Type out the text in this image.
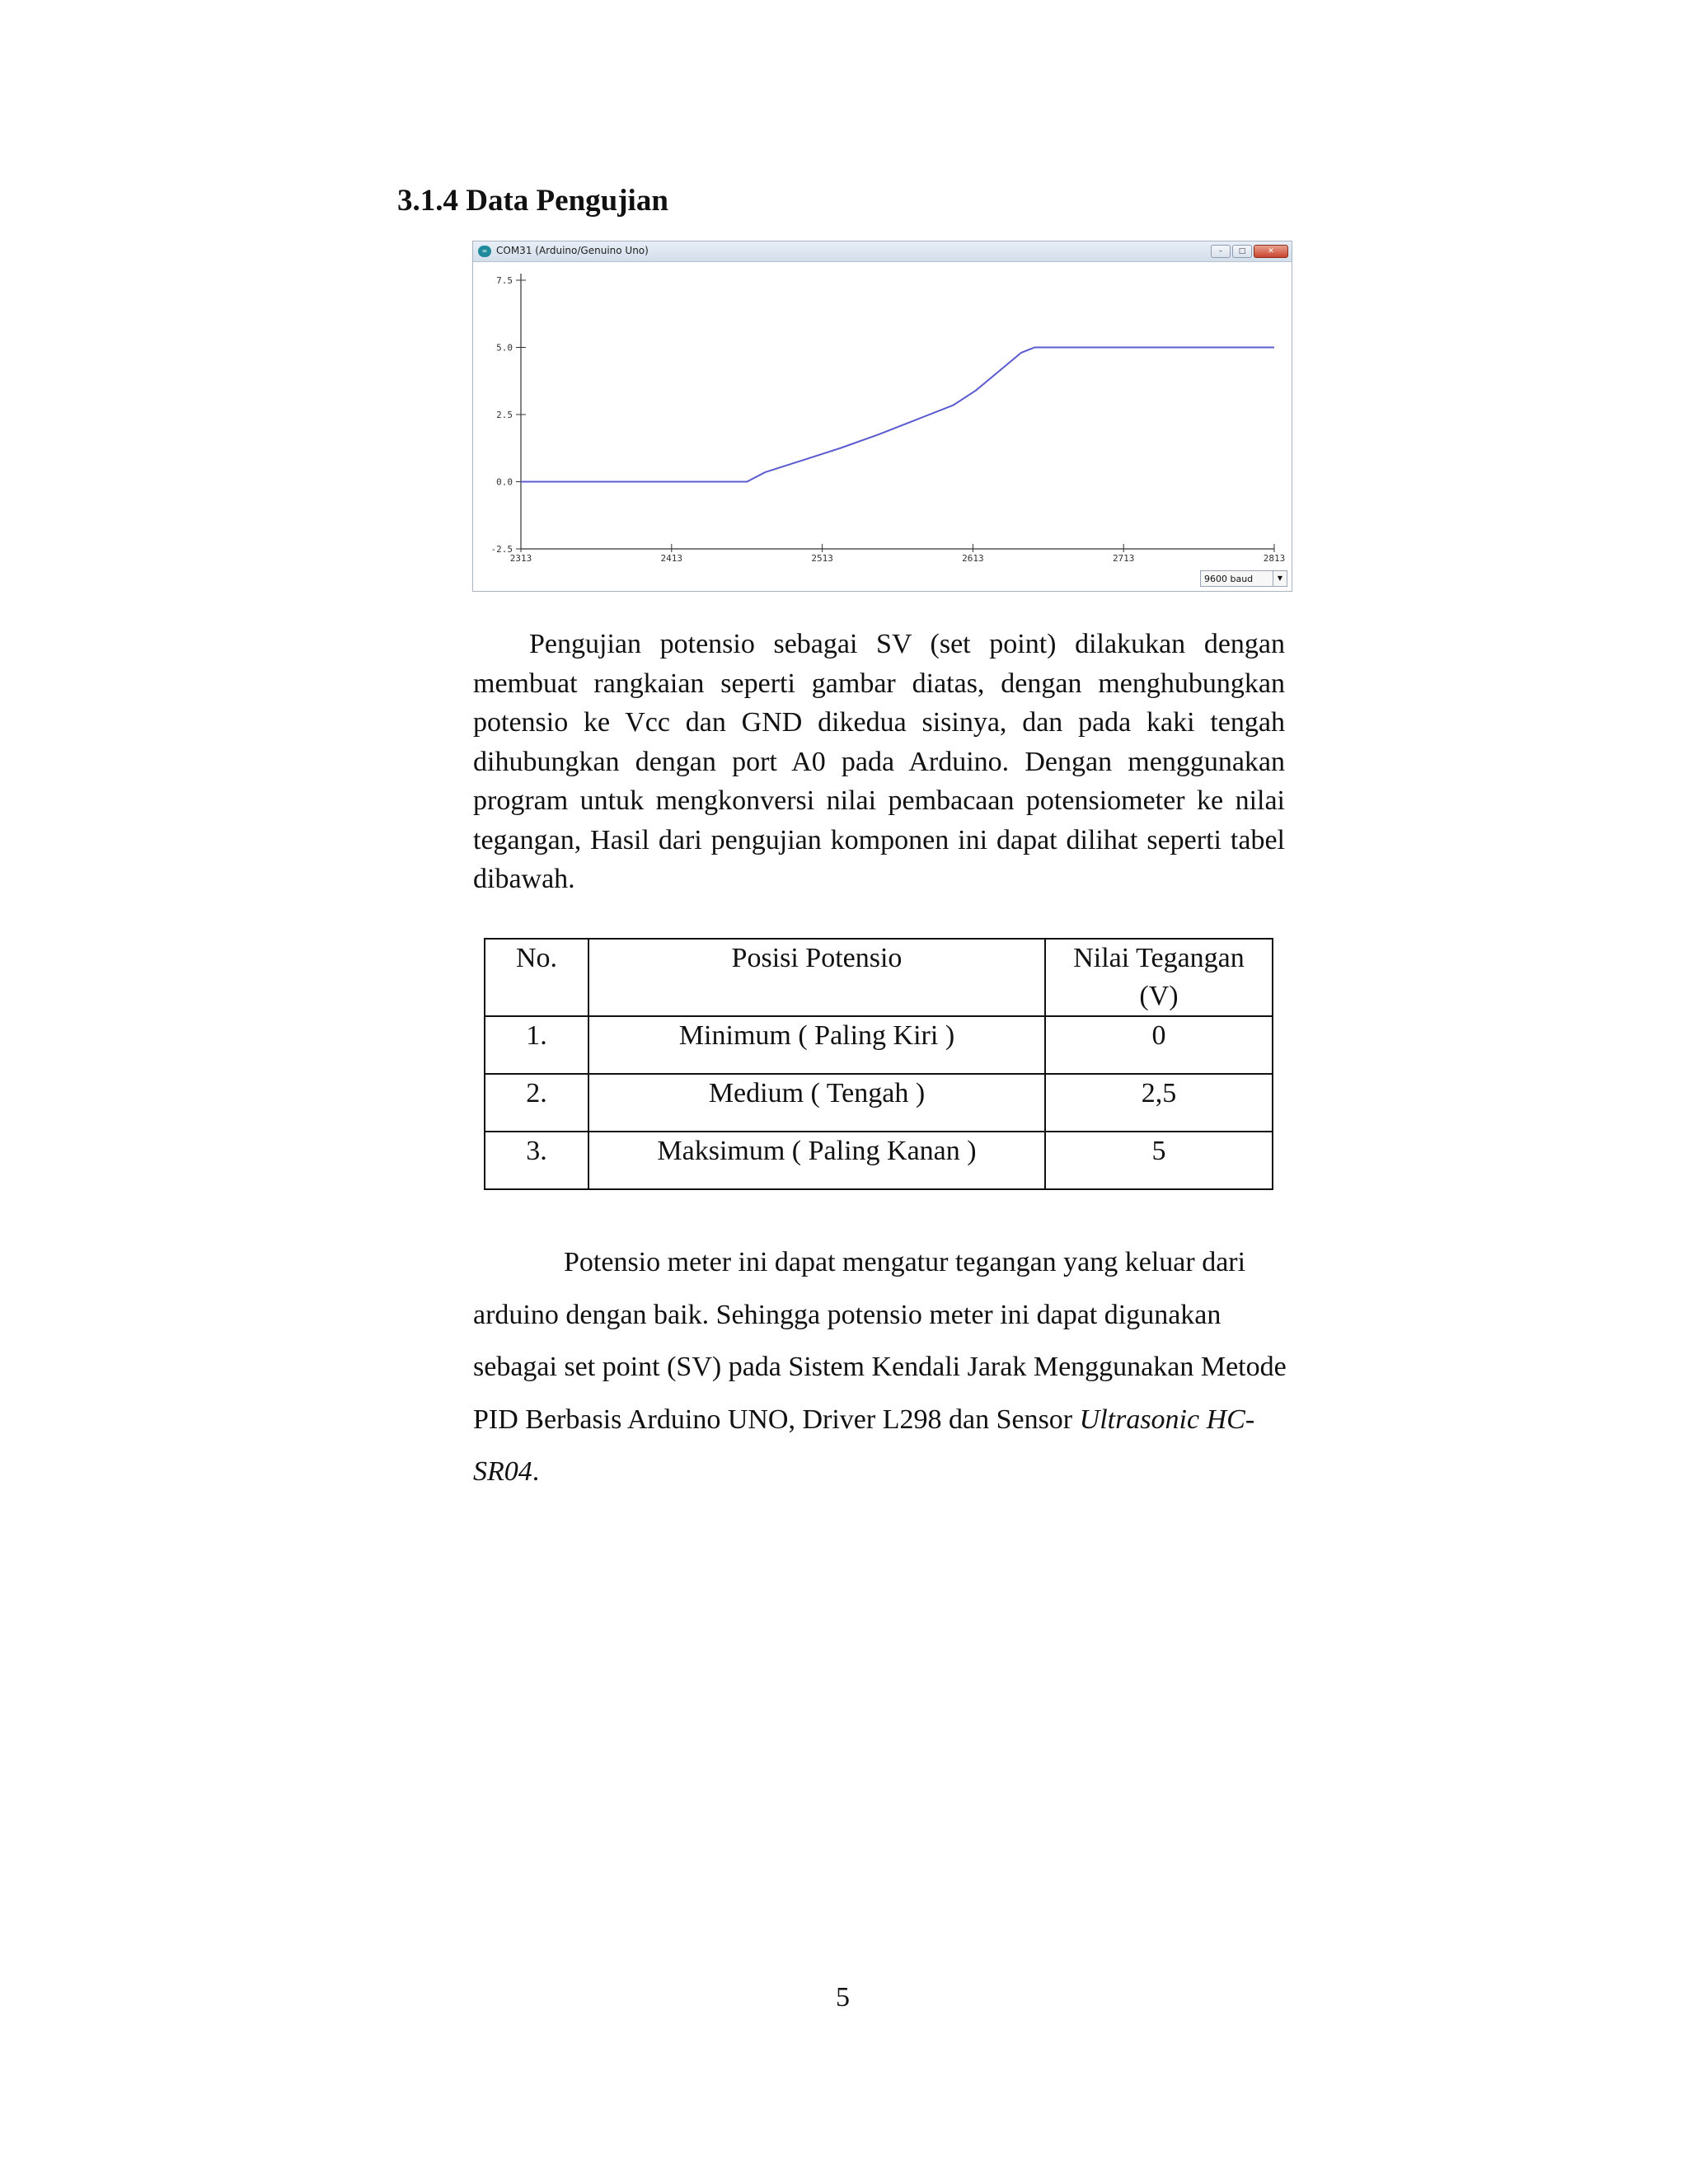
3.1.4 Data Pengujian
∞ COM31 (Arduino/Genuino Uno)	–	□	✕
7.5
5.0
2.5
0.0
-2.5
2313	2413	2513	2613	2713	2813
9600 baud	▼
Pengujian potensio sebagai SV (set point) dilakukan dengan membuat rangkaian seperti gambar diatas, dengan menghubungkan potensio ke Vcc dan GND dikedua sisinya, dan pada kaki tengah dihubungkan dengan port A0 pada Arduino. Dengan menggunakan program untuk mengkonversi nilai pembacaan potensiometer ke nilai tegangan, Hasil dari pengujian komponen ini dapat dilihat seperti tabel dibawah.
No.	Posisi Potensio	Nilai Tegangan (V)
1.	Minimum ( Paling Kiri )	0
2.	Medium ( Tengah )	2,5
3.	Maksimum ( Paling Kanan )	5
Potensio meter ini dapat mengatur tegangan yang keluar dari arduino dengan baik. Sehingga potensio meter ini dapat digunakan sebagai set point (SV) pada Sistem Kendali Jarak Menggunakan Metode PID Berbasis Arduino UNO, Driver L298 dan Sensor Ultrasonic HC-SR04.
5
